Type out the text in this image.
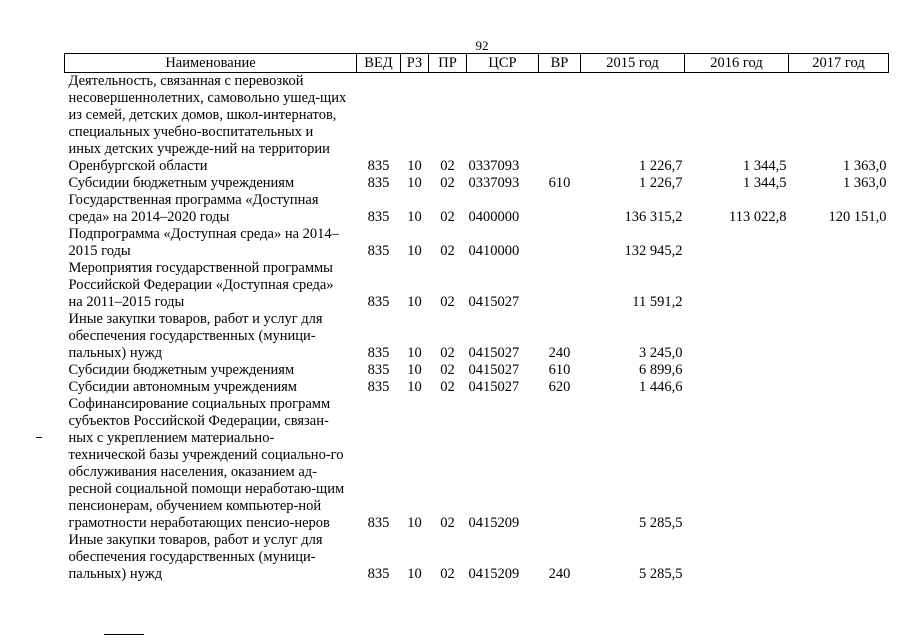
92
Наименование	ВЕД	РЗ	ПР	ЦСР	ВР	2015 год	2016 год	2017 год
Деятельность, связанная с перевозкой несовершеннолетних, самовольно ушед-щих из семей, детских домов, школ-интернатов, специальных учебно-воспитательных и иных детских учрежде-ний на территории Оренбургской области	835	10	02	0337093		1 226,7	1 344,5	1 363,0
Субсидии бюджетным учреждениям	835	10	02	0337093	610	1 226,7	1 344,5	1 363,0
Государственная программа «Доступная среда» на 2014–2020 годы	835	10	02	0400000		136 315,2	113 022,8	120 151,0
Подпрограмма «Доступная среда» на 2014–2015 годы	835	10	02	0410000		132 945,2		
Мероприятия государственной программы Российской Федерации «Доступная среда» на 2011–2015 годы	835	10	02	0415027		11 591,2		
Иные закупки товаров, работ и услуг для обеспечения государственных (муници-пальных) нужд	835	10	02	0415027	240	3 245,0		
Субсидии бюджетным учреждениям	835	10	02	0415027	610	6 899,6		
Субсидии автономным учреждениям	835	10	02	0415027	620	1 446,6		
Софинансирование социальных программ субъектов Российской Федерации, связан-ных с укреплением материально-технической базы учреждений социально-го обслуживания населения, оказанием ад-ресной социальной помощи неработаю-щим пенсионерам, обучением компьютер-ной грамотности неработающих пенсио-неров	835	10	02	0415209		5 285,5		
Иные закупки товаров, работ и услуг для обеспечения государственных (муници-пальных) нужд	835	10	02	0415209	240	5 285,5		
